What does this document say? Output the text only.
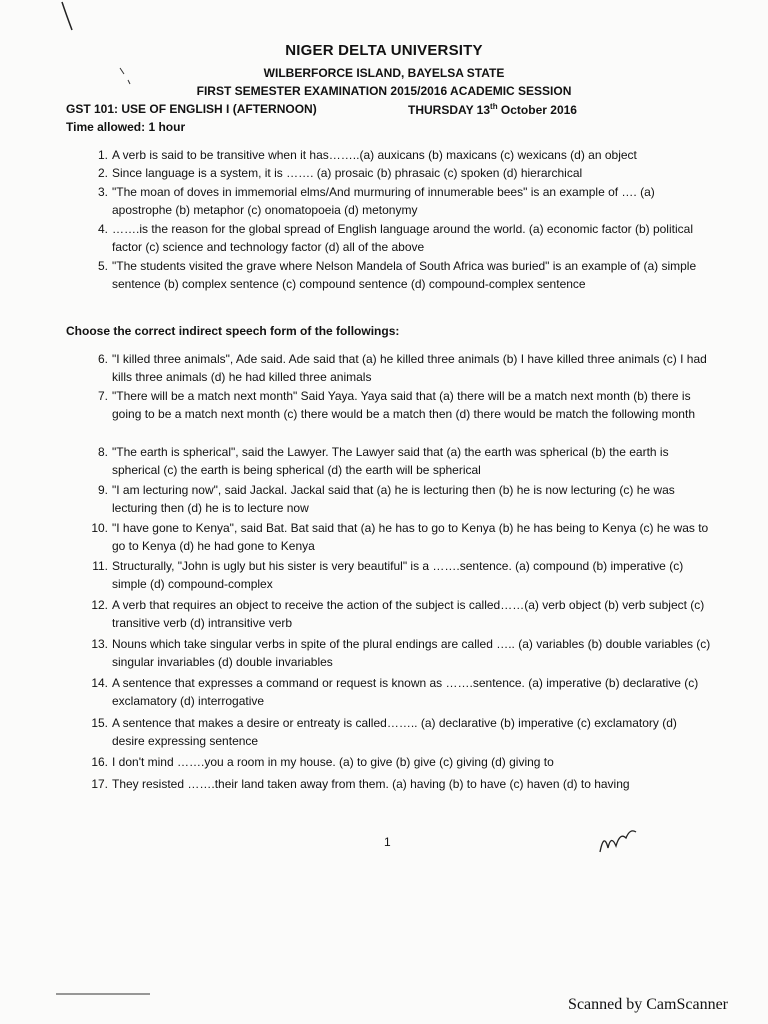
NIGER DELTA UNIVERSITY
WILBERFORCE ISLAND, BAYELSA STATE
FIRST SEMESTER EXAMINATION 2015/2016 ACADEMIC SESSION
GST 101: USE OF ENGLISH I (AFTERNOON)	THURSDAY 13th October 2016
Time allowed: 1 hour
1. A verb is said to be transitive when it has……..(a) auxicans (b) maxicans (c) wexicans (d) an object
2. Since language is a system, it is ……. (a) prosaic (b) phrasaic (c) spoken (d) hierarchical
3. "The moan of doves in immemorial elms/And murmuring of innumerable bees" is an example of …. (a) apostrophe (b) metaphor (c) onomatopoeia (d) metonymy
4. …….is the reason for the global spread of English language around the world. (a) economic factor (b) political factor (c) science and technology factor (d) all of the above
5. "The students visited the grave where Nelson Mandela of South Africa was buried" is an example of (a) simple sentence (b) complex sentence (c) compound sentence (d) compound-complex sentence
Choose the correct indirect speech form of the followings:
6. "I killed three animals", Ade said. Ade said that (a) he killed three animals (b) I have killed three animals (c) I had kills three animals (d) he had killed three animals
7. "There will be a match next month" Said Yaya. Yaya said that (a) there will be a match next month (b) there is going to be a match next month (c) there would be a match then (d) there would be match the following month
8. "The earth is spherical", said the Lawyer. The Lawyer said that (a) the earth was spherical (b) the earth is spherical (c) the earth is being spherical (d) the earth will be spherical
9. "I am lecturing now", said Jackal. Jackal said that (a) he is lecturing then (b) he is now lecturing (c) he was lecturing then (d) he is to lecture now
10. "I have gone to Kenya", said Bat. Bat said that (a) he has to go to Kenya (b) he has being to Kenya (c) he was to go to Kenya (d) he had gone to Kenya
11. Structurally, "John is ugly but his sister is very beautiful" is a …….sentence. (a) compound (b) imperative (c) simple (d) compound-complex
12. A verb that requires an object to receive the action of the subject is called……(a) verb object (b) verb subject (c) transitive verb (d) intransitive verb
13. Nouns which take singular verbs in spite of the plural endings are called ….. (a) variables (b) double variables (c) singular invariables (d) double invariables
14. A sentence that expresses a command or request is known as …….sentence. (a) imperative (b) declarative (c) exclamatory (d) interrogative
15. A sentence that makes a desire or entreaty is called…….. (a) declarative (b) imperative (c) exclamatory (d) desire expressing sentence
16. I don't mind …….you a room in my house. (a) to give (b) give (c) giving (d) giving to
17. They resisted …….their land taken away from them. (a) having (b) to have (c) haven (d) to having
1
Scanned by CamScanner
